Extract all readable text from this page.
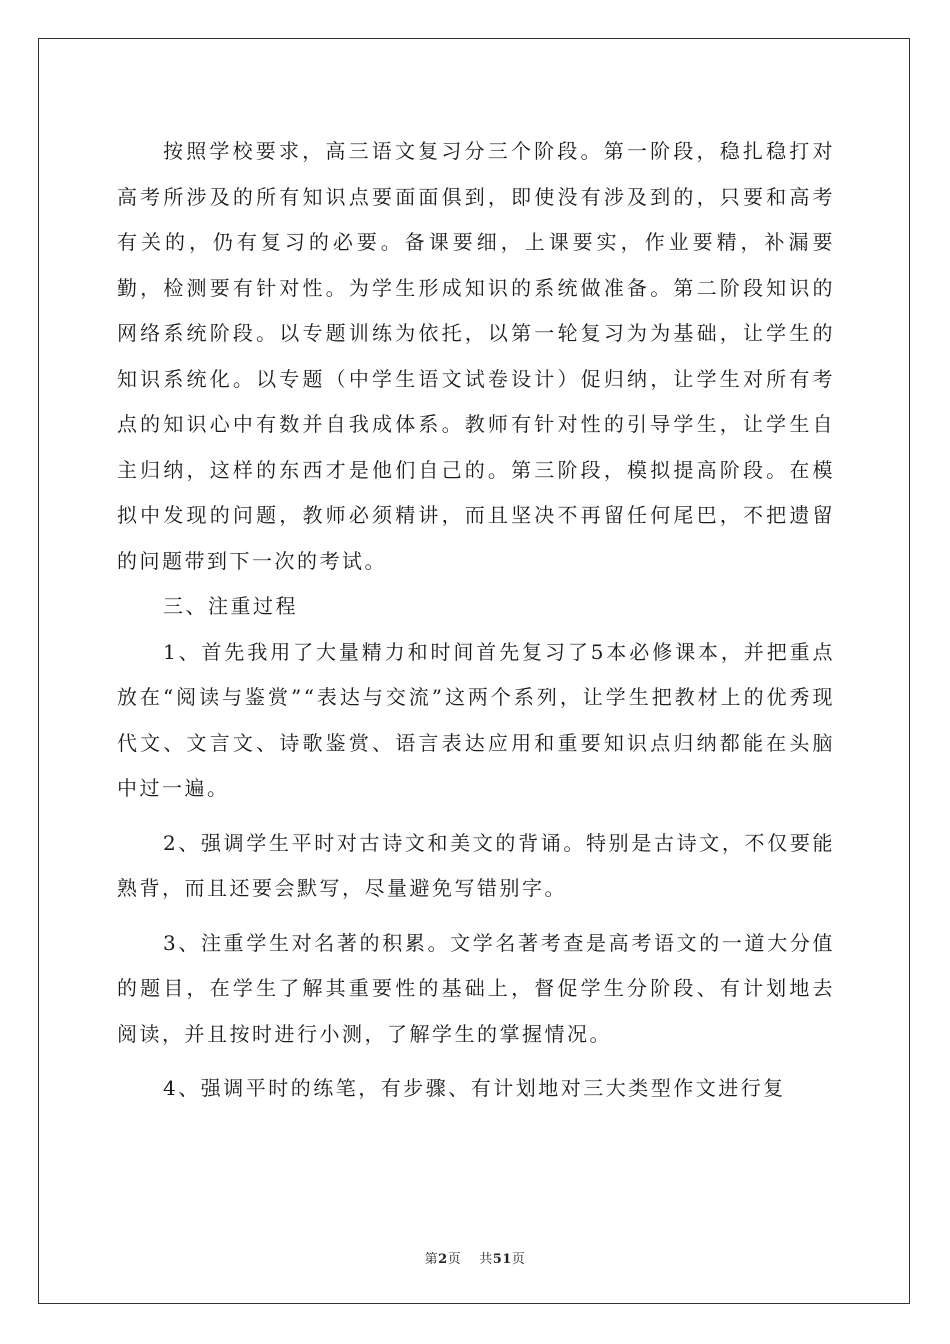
按照学校要求，高三语文复习分三个阶段。第一阶段，稳扎稳打对高考所涉及的所有知识点要面面俱到，即使没有涉及到的，只要和高考有关的，仍有复习的必要。备课要细，上课要实，作业要精，补漏要勤，检测要有针对性。为学生形成知识的系统做准备。第二阶段知识的网络系统阶段。以专题训练为依托，以第一轮复习为为基础，让学生的知识系统化。以专题（中学生语文试卷设计）促归纳，让学生对所有考点的知识心中有数并自我成体系。教师有针对性的引导学生，让学生自主归纳，这样的东西才是他们自己的。第三阶段，模拟提高阶段。在模拟中发现的问题，教师必须精讲，而且坚决不再留任何尾巴，不把遗留的问题带到下一次的考试。

三、注重过程

1、首先我用了大量精力和时间首先复习了5本必修课本，并把重点放在“阅读与鉴赏”“表达与交流”这两个系列，让学生把教材上的优秀现代文、文言文、诗歌鉴赏、语言表达应用和重要知识点归纳都能在头脑中过一遍。

2、强调学生平时对古诗文和美文的背诵。特别是古诗文，不仅要能熟背，而且还要会默写，尽量避免写错别字。

3、注重学生对名著的积累。文学名著考查是高考语文的一道大分值的题目，在学生了解其重要性的基础上，督促学生分阶段、有计划地去阅读，并且按时进行小测，了解学生的掌握情况。

4、强调平时的练笔，有步骤、有计划地对三大类型作文进行复

第2页 共51页
